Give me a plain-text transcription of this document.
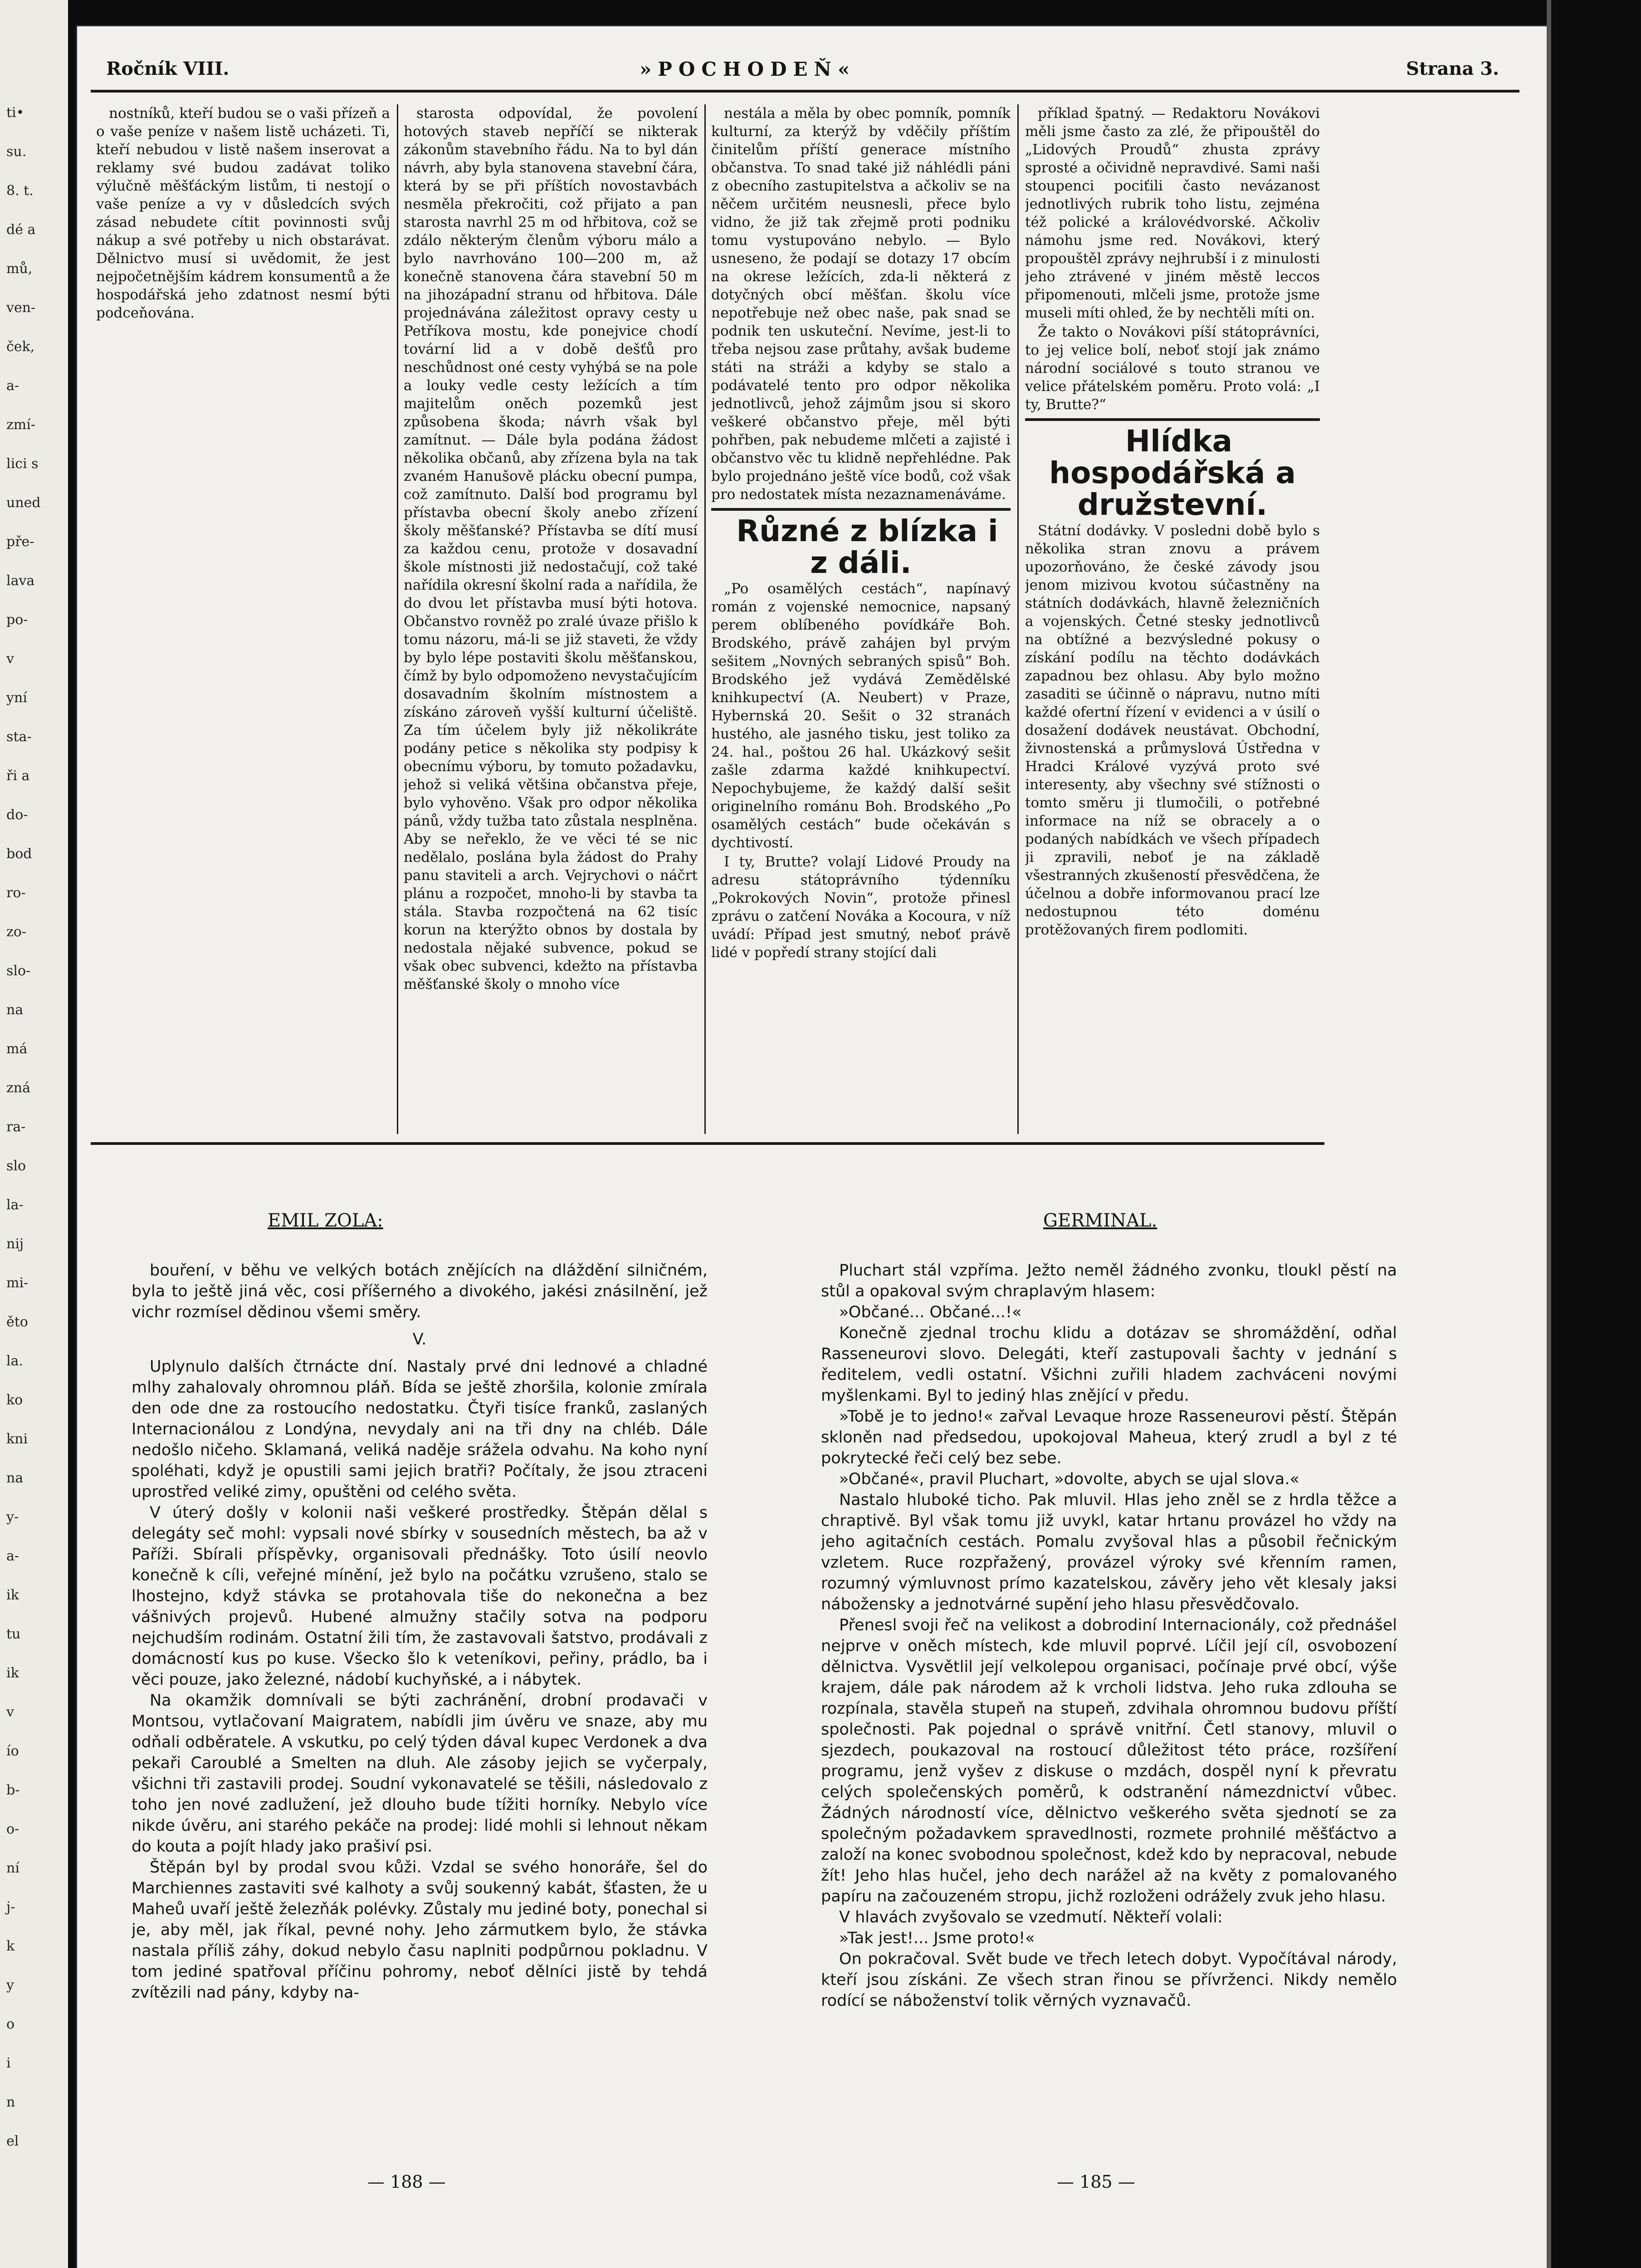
ti•
su.
8. t.
dé a
mů,
ven-
ček,
a-
zmí-
lici s
uned
pře-
lava
po-
v
yní
sta-
ři a
do-
bod
ro-
zo-
slo-
na
má
zná
ra-
slo
la-
nij
mi-
ěto
la.
ko
kni
na
y-
a-
ik
tu
ik
v
ío
b-
o-
ní
j-
k
y
o
i
n
el
Ročník VIII.	»POCHODEŇ«	Strana 3.

nostníků, kteří budou se o vaši přízeň a o vaše peníze v našem listě ucházeti. Ti, kteří nebudou v listě našem inserovat a reklamy své budou zadávat toliko výlučně měšťáckým listům, ti nestojí o vaše peníze a vy v důsledcích svých zásad nebudete cítit povinnosti svůj nákup a své potřeby u nich obstarávat. Dělnictvo musí si uvědomit, že jest nejpočetnějším kádrem konsumentů a že hospodářská jeho zdatnost nesmí býti podceňována.

starosta odpovídal, že povolení hotových staveb nepříčí se nikterak zákonům stavebního řádu. Na to byl dán návrh, aby byla stanovena stavební čára, která by se při příštích novostavbách nesměla překročiti, což přijato a pan starosta navrhl 25 m od hřbitova, což se zdálo některým členům výboru málo a bylo navrhováno 100—200 m, až konečně stanovena čára stavební 50 m na jihozápadní stranu od hřbitova. Dále projednávána záležitost opravy cesty u Petříkova mostu, kde ponejvice chodí tovární lid a v době dešťů pro neschůdnost oné cesty vyhýbá se na pole a louky vedle cesty ležících a tím majitelům oněch pozemků jest způsobena škoda; návrh však byl zamítnut. — Dále byla podána žádost několika občanů, aby zřízena byla na tak zvaném Hanušově plácku obecní pumpa, což zamítnuto. Další bod programu byl přístavba obecní školy anebo zřízení školy měšťanské? Přístavba se dítí musí za každou cenu, protože v dosavadní škole místnosti již nedostačují, což také nařídila okresní školní rada a nařídila, že do dvou let přístavba musí býti hotova. Občanstvo rovněž po zralé úvaze přišlo k tomu názoru, má-li se již staveti, že vždy by bylo lépe postaviti školu měšťanskou, čímž by bylo odpomoženo nevystačujícím dosavadním školním místnostem a získáno zároveň vyšší kulturní účeliště. Za tím účelem byly již několikráte podány petice s několika sty podpisy k obecnímu výboru, by tomuto požadavku, jehož si veliká většina občanstva přeje, bylo vyhověno. Však pro odpor několika pánů, vždy tužba tato zůstala nesplněna. Aby se neřeklo, že ve věci té se nic nedělalo, poslána byla žádost do Prahy panu staviteli a arch. Vejrychovi o náčrt plánu a rozpočet, mnoho-li by stavba ta stála. Stavba rozpočtená na 62 tisíc korun na kterýžto obnos by dostala by nedostala nějaké subvence, pokud se však obec subvenci, kdežto na přístavba měšťanské školy o mnoho více

nestála a měla by obec pomník, pomník kulturní, za kterýž by vděčily příštím činitelům příští generace místního občanstva. To snad také již náhlédli páni z obecního zastupitelstva a ačkoliv se na něčem určitém neusnesli, přece bylo vidno, že již tak zřejmě proti podniku tomu vystupováno nebylo. — Bylo usneseno, že podají se dotazy 17 obcím na okrese ležících, zda-li některá z dotyčných obcí měšťan. školu více nepotřebuje než obec naše, pak snad se podnik ten uskuteční. Nevíme, jest-li to třeba nejsou zase průtahy, avšak budeme státi na stráži a kdyby se stalo a podávatelé tento pro odpor několika jednotlivců, jehož zájmům jsou si skoro veškeré občanstvo přeje, měl býti pohřben, pak nebudeme mlčeti a zajisté i občanstvo věc tu klidně nepřehlédne. Pak bylo projednáno ještě více bodů, což však pro nedostatek místa nezaznamenáváme.

Různé z blízka i z dáli.

„Po osamělých cestách“, napínavý román z vojenské nemocnice, napsaný perem oblíbeného povídkáře Boh. Brodského, právě zahájen byl prvým sešitem „Novných sebraných spisů“ Boh. Brodského jež vydává Zemědělské knihkupectví (A. Neubert) v Praze, Hybernská 20. Sešit o 32 stranách hustého, ale jasného tisku, jest toliko za 24. hal., poštou 26 hal. Ukázkový sešit zašle zdarma každé knihkupectví. Nepochybujeme, že každý další sešit originelního románu Boh. Brodského „Po osamělých cestách“ bude očekáván s dychtivostí.

I ty, Brutte? volají Lidové Proudy na adresu státoprávního týdenníku „Pokrokových Novin“, protože přinesl zprávu o zatčení Nováka a Kocoura, v níž uvádí: Případ jest smutný, neboť právě lidé v popředí strany stojící dali

příklad špatný. — Redaktoru Novákovi měli jsme často za zlé, že připouštěl do „Lidových Proudů“ zhusta zprávy sprosté a očividně nepravdivé. Sami naši stoupenci pociťili často nevázanost jednotlivých rubrik toho listu, zejména též polické a královédvorské. Ačkoliv námohu jsme red. Novákovi, který propouštěl zprávy nejhrubší i z minulosti jeho ztrávené v jiném městě leccos připomenouti, mlčeli jsme, protože jsme museli míti ohled, že by nechtěli míti on.

Že takto o Novákovi píší státoprávníci, to jej velice bolí, neboť stojí jak známo národní sociálové s touto stranou ve velice přátelském poměru. Proto volá: „I ty, Brutte?“

Hlídka hospodářská a družstevní.

Státní dodávky. V posledni době bylo s několika stran znovu a právem upozorňováno, že české závody jsou jenom mizivou kvotou súčastněny na státních dodávkách, hlavně železničních a vojenských. Četné stesky jednotlivců na obtížné a bezvýsledné pokusy o získání podílu na těchto dodávkách zapadnou bez ohlasu. Aby bylo možno zasaditi se účinně o nápravu, nutno míti každé ofertní řízení v evidenci a v úsilí o dosažení dodávek neustávat. Obchodní, živnostenská a průmyslová Ústředna v Hradci Králové vyzývá proto své interesenty, aby všechny své stížnosti o tomto směru ji tlumočili, o potřebné informace na níž se obracely a o podaných nabídkách ve všech případech ji zpravili, neboť je na základě všestranných zkušeností přesvědčena, že účelnou a dobře informovanou prací lze nedostupnou této doménu protěžovaných firem podlomiti.

EMIL ZOLA:	GERMINAL.

bouření, v běhu ve velkých botách znějících na dláždění silničném, byla to ještě jiná věc, cosi příšerného a divokého, jakési znásilnění, jež vichr rozmísel dědinou všemi směry.

V.

Uplynulo dalších čtrnácte dní. Nastaly prvé dni lednové a chladné mlhy zahalovaly ohromnou pláň. Bída se ještě zhoršila, kolonie zmírala den ode dne za rostoucího nedostatku. Čtyři tisíce franků, zaslaných Internacionálou z Londýna, nevydaly ani na tři dny na chléb. Dále nedošlo ničeho. Sklamaná, veliká naděje srážela odvahu. Na koho nyní spoléhati, když je opustili sami jejich bratři? Počítaly, že jsou ztraceni uprostřed veliké zimy, opuštěni od celého světa.

V úterý došly v kolonii naši veškeré prostředky. Štěpán dělal s delegáty seč mohl: vypsali nové sbírky v sousedních městech, ba až v Paříži. Sbírali příspěvky, organisovali přednášky. Toto úsilí neovlo konečně k cíli, veřejné mínění, jež bylo na počátku vzrušeno, stalo se lhostejno, když stávka se protahovala tiše do nekonečna a bez vášnivých projevů. Hubené almužny stačily sotva na podporu nejchudším rodinám. Ostatní žili tím, že zastavovali šatstvo, prodávali z domácností kus po kuse. Všecko šlo k veteníkovi, peřiny, prádlo, ba i věci pouze, jako železné, nádobí kuchyňské, a i nábytek.

Na okamžik domnívali se býti zachránění, drobní prodavači v Montsou, vytlačovaní Maigratem, nabídli jim úvěru ve snaze, aby mu odňali odběratele. A vskutku, po celý týden dával kupec Verdonek a dva pekaři Caroublé a Smelten na dluh. Ale zásoby jejich se vyčerpaly, všichni tři zastavili prodej. Soudní vykonavatelé se těšili, následovalo z toho jen nové zadlužení, jež dlouho bude tížiti horníky. Nebylo více nikde úvěru, ani starého pekáče na prodej: lidé mohli si lehnout někam do kouta a pojít hlady jako prašiví psi.

Štěpán byl by prodal svou kůži. Vzdal se svého honoráře, šel do Marchiennes zastaviti své kalhoty a svůj soukenný kabát, šťasten, že u Maheů uvaří ještě železňák polévky. Zůstaly mu jediné boty, ponechal si je, aby měl, jak říkal, pevné nohy. Jeho zármutkem bylo, že stávka nastala příliš záhy, dokud nebylo času naplniti podpůrnou pokladnu. V tom jediné spatřoval příčinu pohromy, neboť dělníci jistě by tehdá zvítězili nad pány, kdyby na-

Pluchart stál vzpřímа. Ježto neměl žádného zvonku, tloukl pěstí na stůl a opakoval svým chraplavým hlasem:

»Občané... Občané...!«

Konečně zjednal trochu klidu a dotázav se shromáždění, odňal Rasseneurovi slovo. Delegáti, kteří zastupovali šachty v jednání s ředitelem, vedli ostatní. Všichni zuřili hladem zachváceni novými myšlenkami. Byl to jediný hlas znějící v předu.

»Tobě je to jedno!« zařval Levaque hroze Rasseneurovi pěstí. Štěpán skloněn nad předsedou, upokojoval Maheua, který zrudl a byl z té pokrytecké řeči celý bez sebe.

»Občané«, pravil Pluchart, »dovolte, abych se ujal slova.«

Nastalo hluboké ticho. Pak mluvil. Hlas jeho zněl se z hrdla těžce a chraptivě. Byl však tomu již uvykl, katar hrtanu provázel ho vždy na jeho agitačních cestách. Pomalu zvyšoval hlas a působil řečnickým vzletem. Ruce rozpřažený, provázel výroky své křenním ramen, rozumný výmluvnost prímo kazatelskou, závěry jeho vět klesaly jaksi nábožensky a jednotvárné supění jeho hlasu přesvědčovalo.

Přenesl svoji řeč na velikost a dobrodiní Internacionály, což přednášel nejprve v oněch místech, kde mluvil poprvé. Líčil její cíl, osvobození dělnictva. Vysvětlil její velkolepou organisaci, počínaje prvé obcí, výše krajem, dále pak národem až k vrcholi lidstva. Jeho ruka zdlouha se rozpínala, stavěla stupeň na stupeň, zdvihala ohromnou budovu příští společnosti. Pak pojednal o správě vnitřní. Četl stanovy, mluvil o sjezdech, poukazoval na rostoucí důležitost této práce, rozšíření programu, jenž vyšev z diskuse o mzdách, dospěl nyní k převratu celých společenských poměrů, k odstranění námezdnictví vůbec. Žádných národností více, dělnictvo veškerého světa sjednotí se za společným požadavkem spravedlnosti, rozmete prohnilé měšťáctvo a založí na konec svobodnou společnost, kdež kdo by nepracoval, nebude žít! Jeho hlas hučel, jeho dech narážel až na květy z pomalovaného papíru na začouzeném stropu, jichž rozloženi odrážely zvuk jeho hlasu.

V hlavách zvyšovalo se vzedmutí. Někteří volali:

»Tak jest!... Jsme proto!«

On pokračoval. Svět bude ve třech letech dobyt. Vypočítával národy, kteří jsou získáni. Ze všech stran řinou se přívrženci. Nikdy nemělo rodící se náboženství tolik věrných vyznavačů.

— 188 —	— 185 —
